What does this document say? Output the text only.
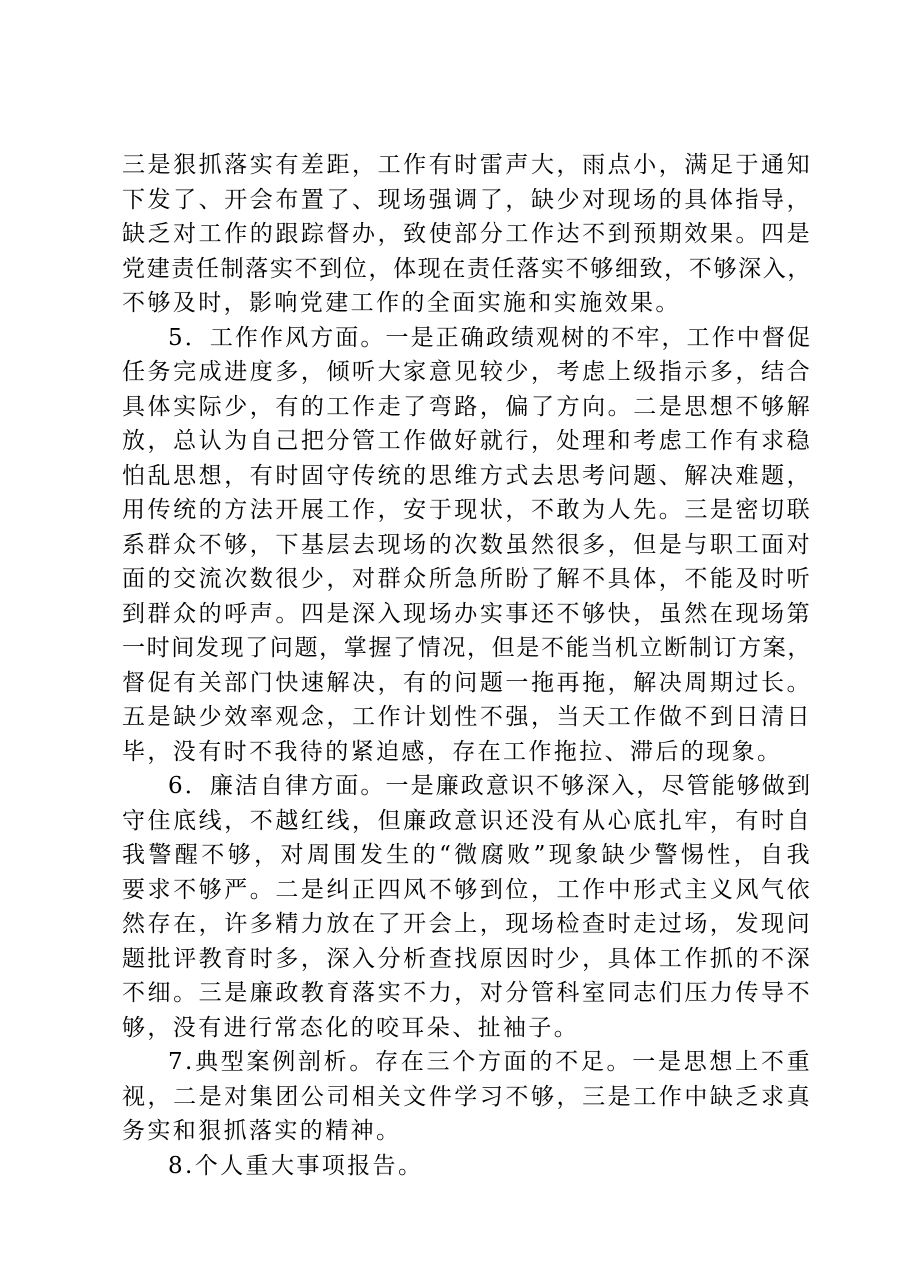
三是狠抓落实有差距，工作有时雷声大，雨点小，满足于通知
下发了、开会布置了、现场强调了，缺少对现场的具体指导，
缺乏对工作的跟踪督办，致使部分工作达不到预期效果。四是
党建责任制落实不到位，体现在责任落实不够细致，不够深入，
不够及时，影响党建工作的全面实施和实施效果。
5．工作作风方面。一是正确政绩观树的不牢，工作中督促
任务完成进度多，倾听大家意见较少，考虑上级指示多，结合
具体实际少，有的工作走了弯路，偏了方向。二是思想不够解
放，总认为自己把分管工作做好就行，处理和考虑工作有求稳
怕乱思想，有时固守传统的思维方式去思考问题、解决难题，
用传统的方法开展工作，安于现状，不敢为人先。三是密切联
系群众不够，下基层去现场的次数虽然很多，但是与职工面对
面的交流次数很少，对群众所急所盼了解不具体，不能及时听
到群众的呼声。四是深入现场办实事还不够快，虽然在现场第
一时间发现了问题，掌握了情况，但是不能当机立断制订方案，
督促有关部门快速解决，有的问题一拖再拖，解决周期过长。
五是缺少效率观念，工作计划性不强，当天工作做不到日清日
毕，没有时不我待的紧迫感，存在工作拖拉、滞后的现象。
6．廉洁自律方面。一是廉政意识不够深入，尽管能够做到
守住底线，不越红线，但廉政意识还没有从心底扎牢，有时自
我警醒不够，对周围发生的“微腐败”现象缺少警惕性，自我
要求不够严。二是纠正四风不够到位，工作中形式主义风气依
然存在，许多精力放在了开会上，现场检查时走过场，发现问
题批评教育时多，深入分析查找原因时少，具体工作抓的不深
不细。三是廉政教育落实不力，对分管科室同志们压力传导不
够，没有进行常态化的咬耳朵、扯袖子。
7.典型案例剖析。存在三个方面的不足。一是思想上不重
视，二是对集团公司相关文件学习不够，三是工作中缺乏求真
务实和狠抓落实的精神。
8.个人重大事项报告。
